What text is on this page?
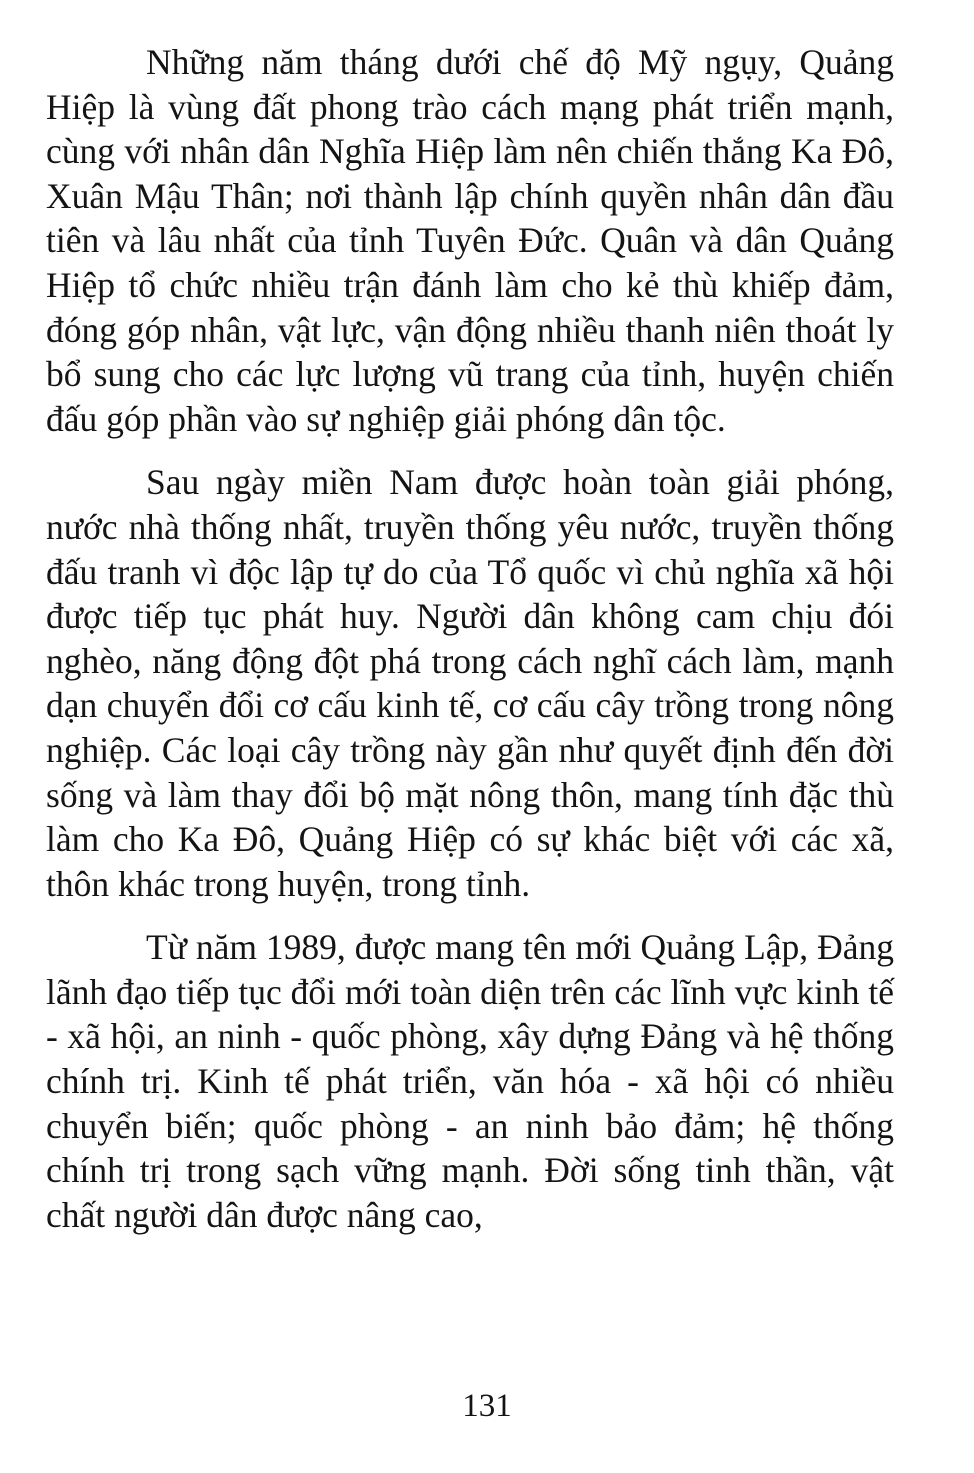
Những năm tháng dưới chế độ Mỹ ngụy, Quảng Hiệp là vùng đất phong trào cách mạng phát triển mạnh, cùng với nhân dân Nghĩa Hiệp làm nên chiến thắng Ka Đô, Xuân Mậu Thân; nơi thành lập chính quyền nhân dân đầu tiên và lâu nhất của tỉnh Tuyên Đức. Quân và dân Quảng Hiệp tổ chức nhiều trận đánh làm cho kẻ thù khiếp đảm, đóng góp nhân, vật lực, vận động nhiều thanh niên thoát ly bổ sung cho các lực lượng vũ trang của tỉnh, huyện chiến đấu góp phần vào sự nghiệp giải phóng dân tộc.

Sau ngày miền Nam được hoàn toàn giải phóng, nước nhà thống nhất, truyền thống yêu nước, truyền thống đấu tranh vì độc lập tự do của Tổ quốc vì chủ nghĩa xã hội được tiếp tục phát huy. Người dân không cam chịu đói nghèo, năng động đột phá trong cách nghĩ cách làm, mạnh dạn chuyển đổi cơ cấu kinh tế, cơ cấu cây trồng trong nông nghiệp. Các loại cây trồng này gần như quyết định đến đời sống và làm thay đổi bộ mặt nông thôn, mang tính đặc thù làm cho Ka Đô, Quảng Hiệp có sự khác biệt với các xã, thôn khác trong huyện, trong tỉnh.

Từ năm 1989, được mang tên mới Quảng Lập, Đảng lãnh đạo tiếp tục đổi mới toàn diện trên các lĩnh vực kinh tế - xã hội, an ninh - quốc phòng, xây dựng Đảng và hệ thống chính trị. Kinh tế phát triển, văn hóa - xã hội có nhiều chuyển biến; quốc phòng - an ninh bảo đảm; hệ thống chính trị trong sạch vững mạnh. Đời sống tinh thần, vật chất người dân được nâng cao,

131
